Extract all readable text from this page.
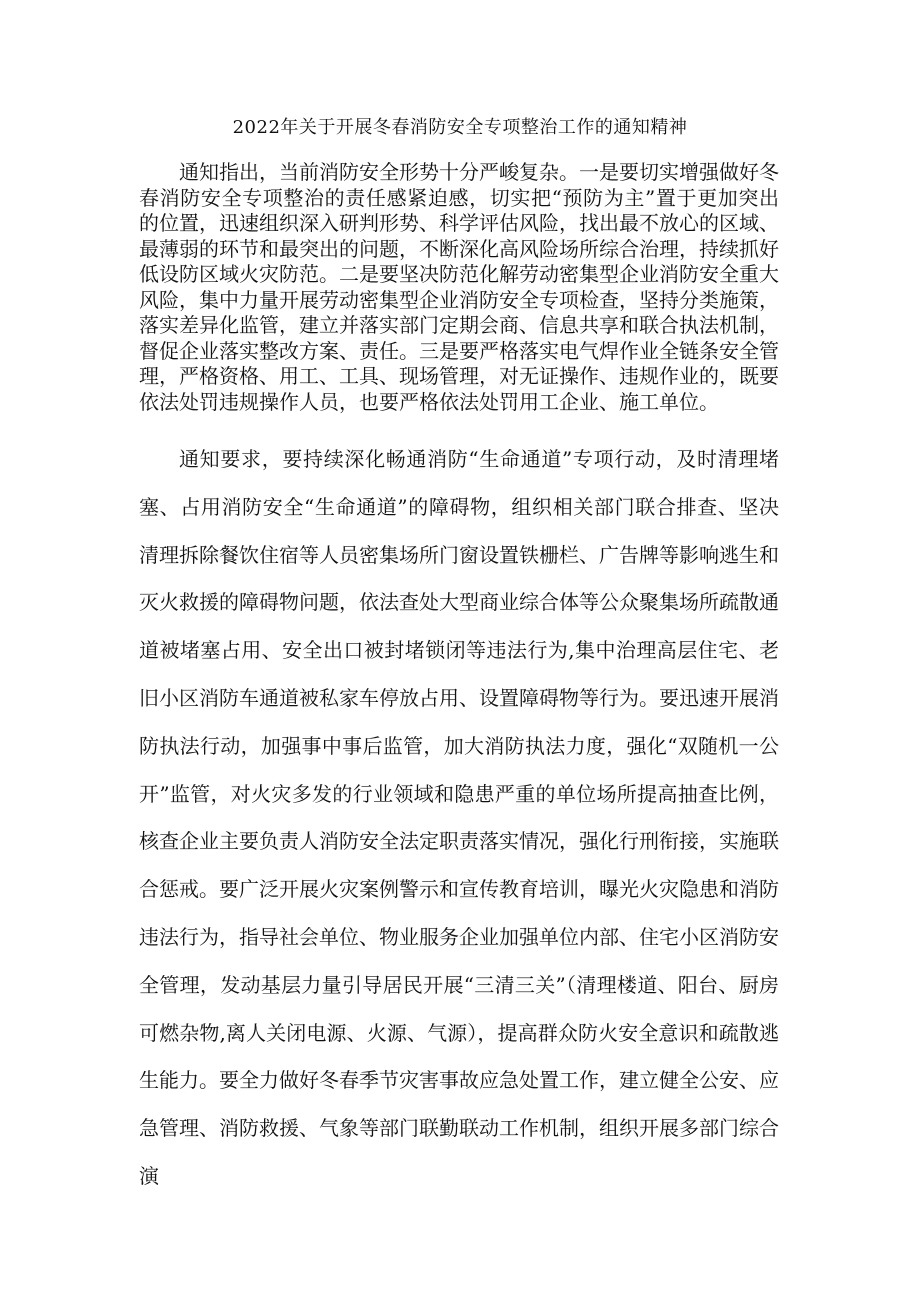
2022年关于开展冬春消防安全专项整治工作的通知精神

通知指出，当前消防安全形势十分严峻复杂。一是要切实增强做好冬春消防安全专项整治的责任感紧迫感，切实把“预防为主”置于更加突出的位置，迅速组织深入研判形势、科学评估风险，找出最不放心的区域、最薄弱的环节和最突出的问题，不断深化高风险场所综合治理，持续抓好低设防区域火灾防范。二是要坚决防范化解劳动密集型企业消防安全重大风险，集中力量开展劳动密集型企业消防安全专项检查，坚持分类施策，落实差异化监管，建立并落实部门定期会商、信息共享和联合执法机制，督促企业落实整改方案、责任。三是要严格落实电气焊作业全链条安全管理，严格资格、用工、工具、现场管理，对无证操作、违规作业的，既要依法处罚违规操作人员，也要严格依法处罚用工企业、施工单位。

通知要求，要持续深化畅通消防“生命通道”专项行动，及时清理堵塞、占用消防安全“生命通道”的障碍物，组织相关部门联合排查、坚决清理拆除餐饮住宿等人员密集场所门窗设置铁栅栏、广告牌等影响逃生和灭火救援的障碍物问题，依法查处大型商业综合体等公众聚集场所疏散通道被堵塞占用、安全出口被封堵锁闭等违法行为,集中治理高层住宅、老旧小区消防车通道被私家车停放占用、设置障碍物等行为。要迅速开展消防执法行动，加强事中事后监管，加大消防执法力度，强化“双随机一公开”监管，对火灾多发的行业领域和隐患严重的单位场所提高抽查比例，核查企业主要负责人消防安全法定职责落实情况，强化行刑衔接，实施联合惩戒。要广泛开展火灾案例警示和宣传教育培训，曝光火灾隐患和消防违法行为，指导社会单位、物业服务企业加强单位内部、住宅小区消防安全管理，发动基层力量引导居民开展“三清三关”（清理楼道、阳台、厨房可燃杂物,离人关闭电源、火源、气源），提高群众防火安全意识和疏散逃生能力。要全力做好冬春季节灾害事故应急处置工作，建立健全公安、应急管理、消防救援、气象等部门联勤联动工作机制，组织开展多部门综合演
